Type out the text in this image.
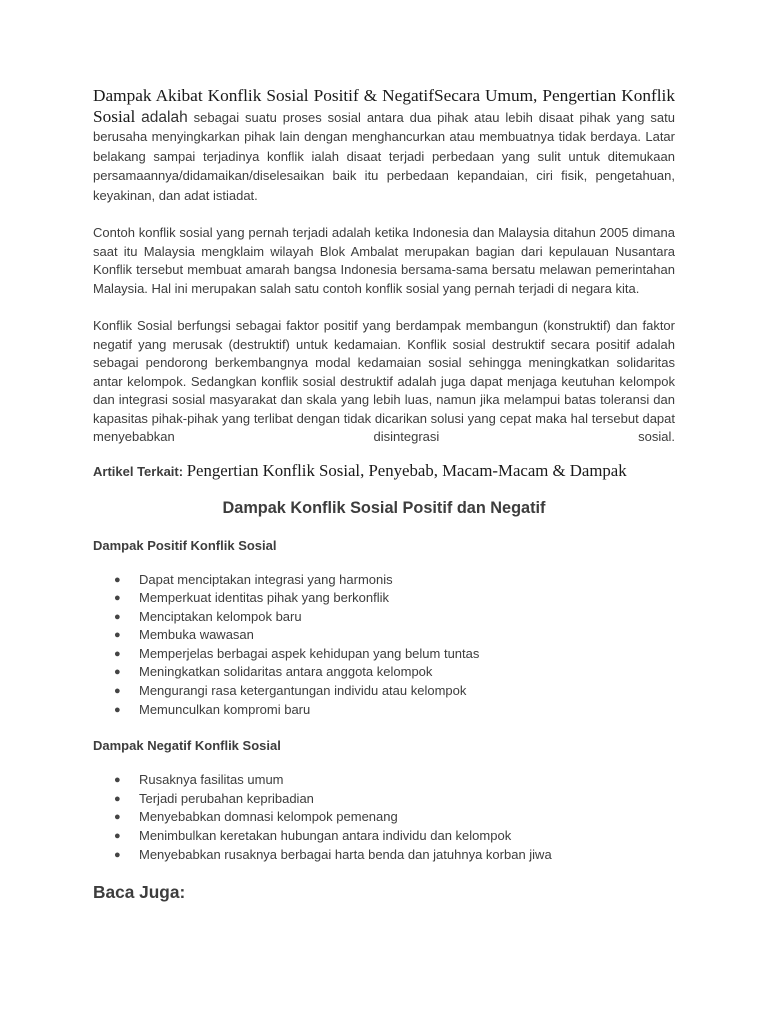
Dampak Akibat Konflik Sosial Positif & NegatifSecara Umum, Pengertian Konflik Sosial adalah sebagai suatu proses sosial antara dua pihak atau lebih disaat pihak yang satu berusaha menyingkarkan pihak lain dengan menghancurkan atau membuatnya tidak berdaya. Latar belakang sampai terjadinya konflik ialah disaat terjadi perbedaan yang sulit untuk ditemukaan persamaannya/didamaikan/diselesaikan baik itu perbedaan kepandaian, ciri fisik, pengetahuan, keyakinan, dan adat istiadat.

Contoh konflik sosial yang pernah terjadi adalah ketika Indonesia dan Malaysia ditahun 2005 dimana saat itu Malaysia mengklaim wilayah Blok Ambalat merupakan bagian dari kepulauan Nusantara Konflik tersebut membuat amarah bangsa Indonesia bersama-sama bersatu melawan pemerintahan Malaysia. Hal ini merupakan salah satu contoh konflik sosial yang pernah terjadi di negara kita.

Konflik Sosial berfungsi sebagai faktor positif yang berdampak membangun (konstruktif) dan faktor negatif yang merusak (destruktif) untuk kedamaian. Konflik sosial destruktif secara positif adalah sebagai pendorong berkembangnya modal kedamaian sosial sehingga meningkatkan solidaritas antar kelompok. Sedangkan konflik sosial destruktif adalah juga dapat menjaga keutuhan kelompok dan integrasi sosial masyarakat dan skala yang lebih luas, namun jika melampui batas toleransi dan kapasitas pihak-pihak yang terlibat dengan tidak dicarikan solusi yang cepat maka hal tersebut dapat menyebabkan disintegrasi sosial.

Artikel Terkait: Pengertian Konflik Sosial, Penyebab, Macam-Macam & Dampak
Dampak Konflik Sosial Positif dan Negatif
Dampak Positif Konflik Sosial
● Dapat menciptakan integrasi yang harmonis
● Memperkuat identitas pihak yang berkonflik
● Menciptakan kelompok baru
● Membuka wawasan
● Memperjelas berbagai aspek kehidupan yang belum tuntas
● Meningkatkan solidaritas antara anggota kelompok
● Mengurangi rasa ketergantungan individu atau kelompok
● Memunculkan kompromi baru
Dampak Negatif Konflik Sosial
● Rusaknya fasilitas umum
● Terjadi perubahan kepribadian
● Menyebabkan domnasi kelompok pemenang
● Menimbulkan keretakan hubungan antara individu dan kelompok
● Menyebabkan rusaknya berbagai harta benda dan jatuhnya korban jiwa
Baca Juga:
